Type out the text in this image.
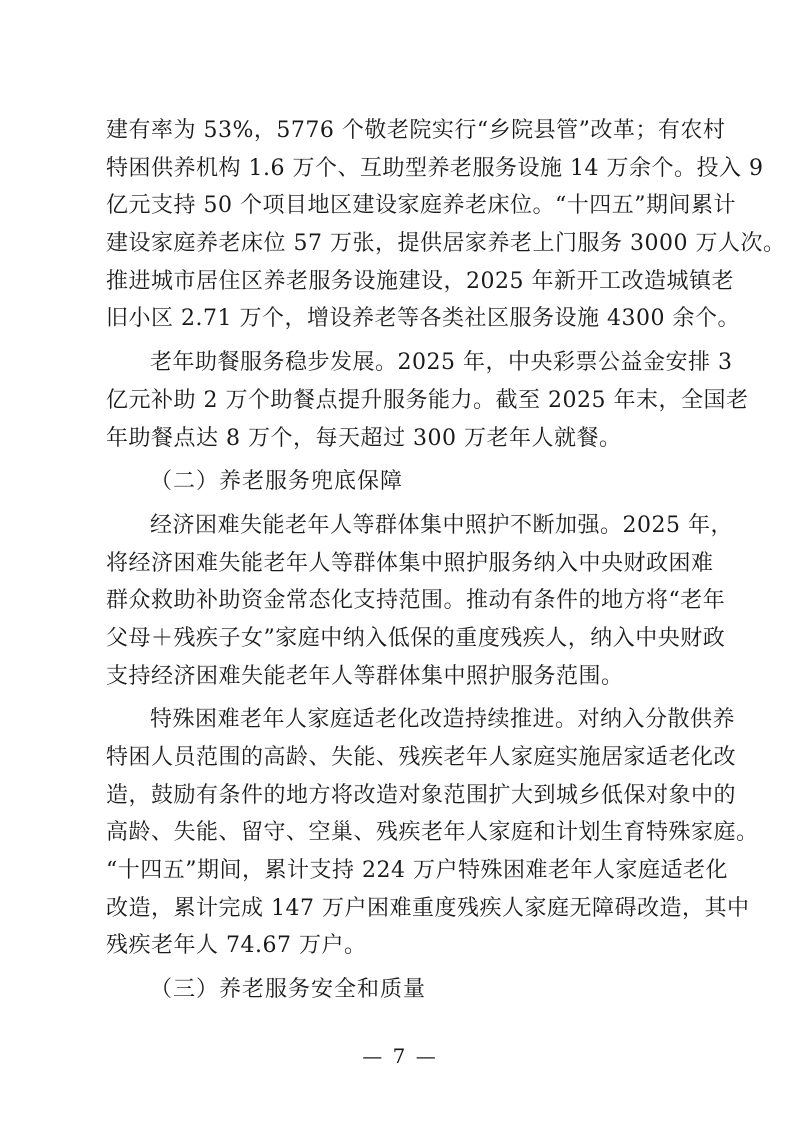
建有率为 53%，5776 个敬老院实行“乡院县管”改革；有农村
特困供养机构 1.6 万个、互助型养老服务设施 14 万余个。投入 9
亿元支持 50 个项目地区建设家庭养老床位。“十四五”期间累计
建设家庭养老床位 57 万张，提供居家养老上门服务 3000 万人次。
推进城市居住区养老服务设施建设，2025 年新开工改造城镇老
旧小区 2.71 万个，增设养老等各类社区服务设施 4300 余个。
老年助餐服务稳步发展。2025 年，中央彩票公益金安排 3
亿元补助 2 万个助餐点提升服务能力。截至 2025 年末，全国老
年助餐点达 8 万个，每天超过 300 万老年人就餐。
（二）养老服务兜底保障
经济困难失能老年人等群体集中照护不断加强。2025 年，
将经济困难失能老年人等群体集中照护服务纳入中央财政困难
群众救助补助资金常态化支持范围。推动有条件的地方将“老年
父母＋残疾子女”家庭中纳入低保的重度残疾人，纳入中央财政
支持经济困难失能老年人等群体集中照护服务范围。
特殊困难老年人家庭适老化改造持续推进。对纳入分散供养
特困人员范围的高龄、失能、残疾老年人家庭实施居家适老化改
造，鼓励有条件的地方将改造对象范围扩大到城乡低保对象中的
高龄、失能、留守、空巢、残疾老年人家庭和计划生育特殊家庭。
“十四五”期间，累计支持 224 万户特殊困难老年人家庭适老化
改造，累计完成 147 万户困难重度残疾人家庭无障碍改造，其中
残疾老年人 74.67 万户。
（三）养老服务安全和质量
— 7 —
